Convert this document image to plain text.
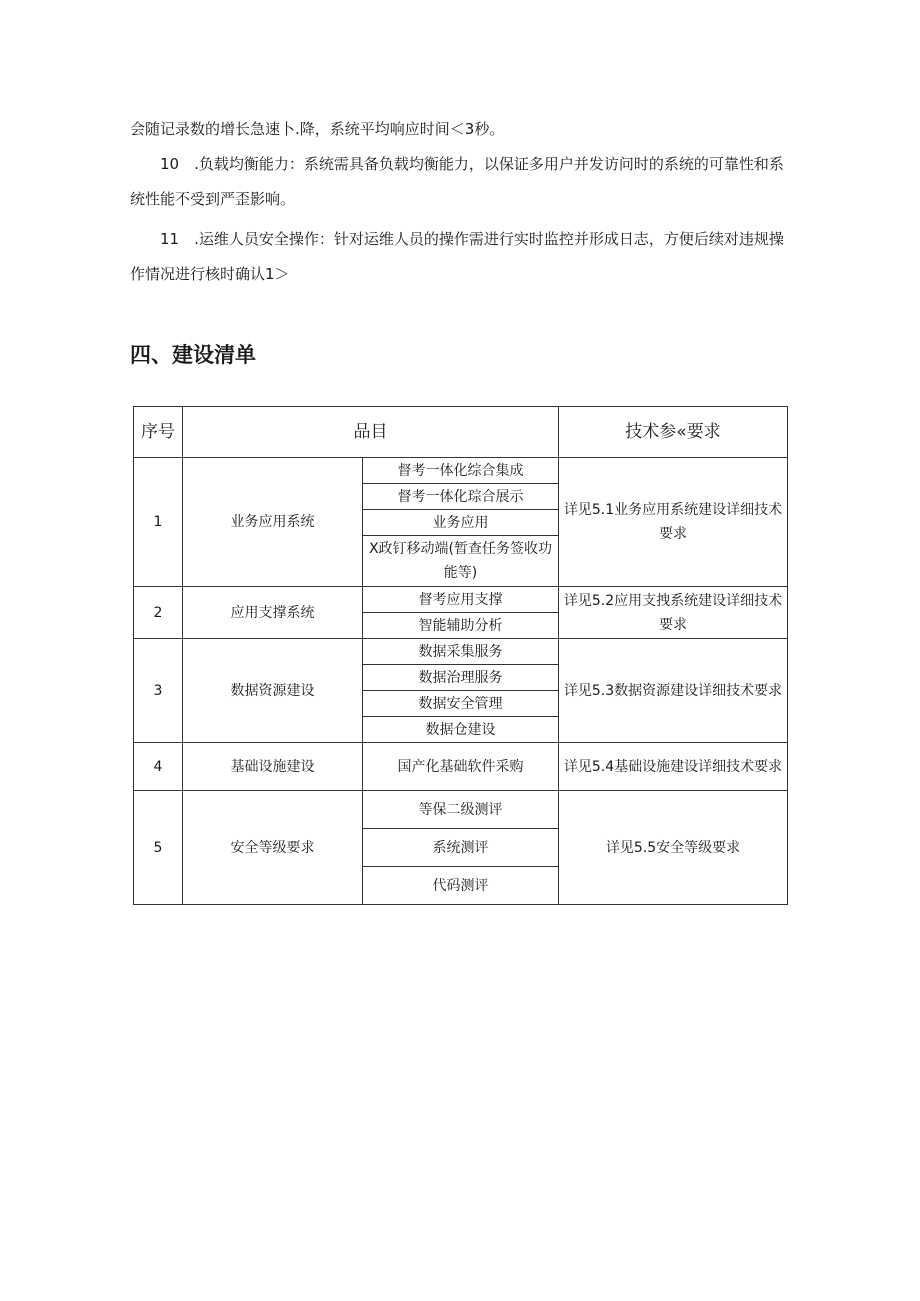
会随记录数的增长急速卜.降，系统平均响应时间＜3秒。

10　.负载均衡能力：系统需具备负载均衡能力，以保证多用户并发访问时的系统的可靠性和系统性能不受到严歪影响。

11　.运维人员安全操作：针对运维人员的操作需进行实时监控并形成日志，方便后续对违规操作情况进行核时确认1＞

四、建设清单
序号	品目		技术参«要求
1	业务应用系统	督考一体化综合集成	详见5.1业务应用系统建设详细技术要求
		督考一体化琮合展示	
		业务应用	
		X政钉移动端(暂查任务签收功能等)	
2	应用支撑系统	督考应用支撑	详见5.2应用支拽系统建设详细技术要求
		智能辅助分析	
3	数据资源建设	数据采集服务	详见5.3数据资源建设详细技术要求
		数据治理服务	
		数据安全管理	
		数据仓建设	
4	基础设施建设	国产化基础软件采购	详见5.4基础设施建设详细技术要求
5	安全等级要求	等保二级测评	详见5.5安全等级要求
		系统测评	
		代码测评	
